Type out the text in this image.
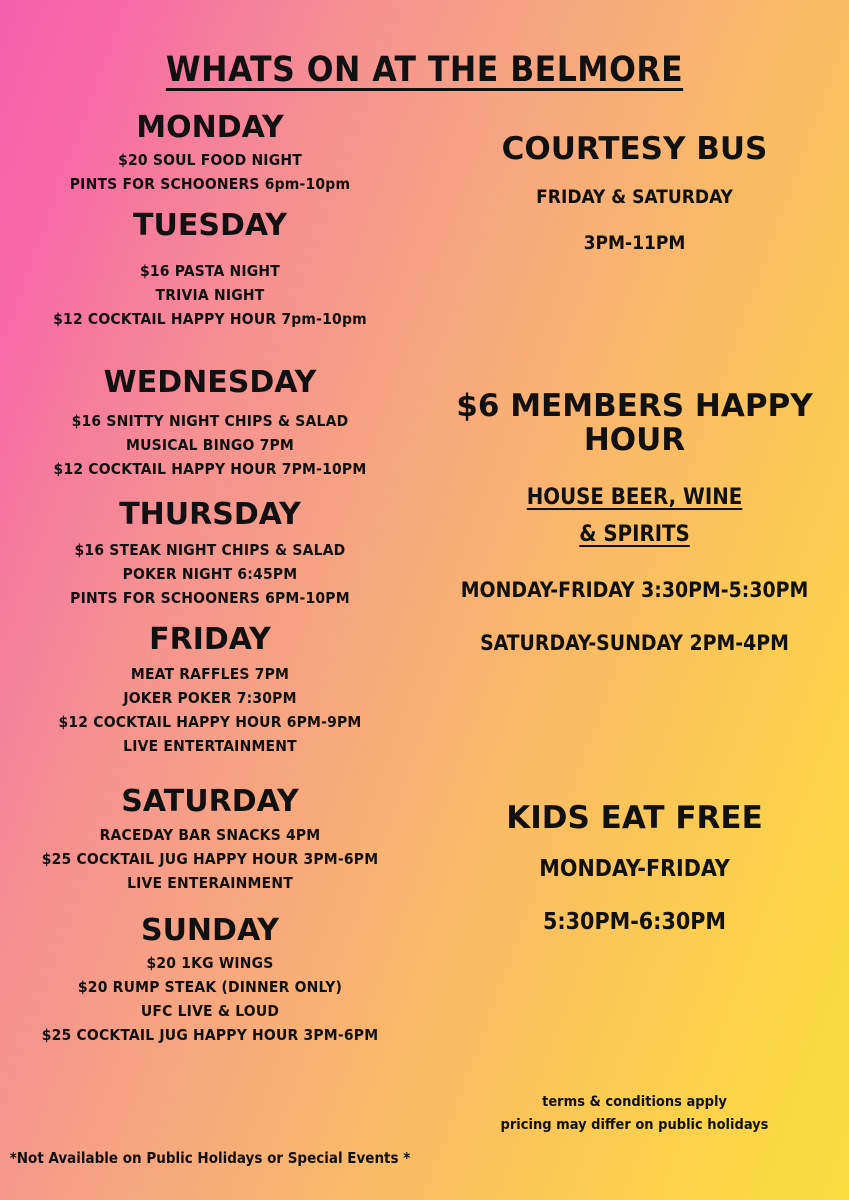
WHATS ON AT THE BELMORE
MONDAY
$20 SOUL FOOD NIGHT
PINTS FOR SCHOONERS 6pm-10pm
TUESDAY
$16 PASTA NIGHT
TRIVIA NIGHT
$12 COCKTAIL HAPPY HOUR 7pm-10pm
WEDNESDAY
$16 SNITTY NIGHT CHIPS & SALAD
MUSICAL BINGO 7PM
$12 COCKTAIL HAPPY HOUR 7PM-10PM
THURSDAY
$16 STEAK NIGHT CHIPS & SALAD
POKER NIGHT 6:45PM
PINTS FOR SCHOONERS 6PM-10PM
FRIDAY
MEAT RAFFLES 7PM
JOKER POKER 7:30PM
$12 COCKTAIL HAPPY HOUR 6PM-9PM
LIVE ENTERTAINMENT
SATURDAY
RACEDAY BAR SNACKS 4PM
$25 COCKTAIL JUG HAPPY HOUR 3PM-6PM
LIVE ENTERAINMENT
SUNDAY
$20 1KG WINGS
$20 RUMP STEAK (DINNER ONLY)
UFC LIVE & LOUD
$25 COCKTAIL JUG HAPPY HOUR 3PM-6PM
COURTESY BUS
FRIDAY & SATURDAY
3PM-11PM
$6 MEMBERS HAPPY HOUR
HOUSE BEER, WINE
& SPIRITS
MONDAY-FRIDAY 3:30PM-5:30PM
SATURDAY-SUNDAY 2PM-4PM
KIDS EAT FREE
MONDAY-FRIDAY
5:30PM-6:30PM
terms & conditions apply
pricing may differ on public holidays
*Not Available on Public Holidays or Special Events *
